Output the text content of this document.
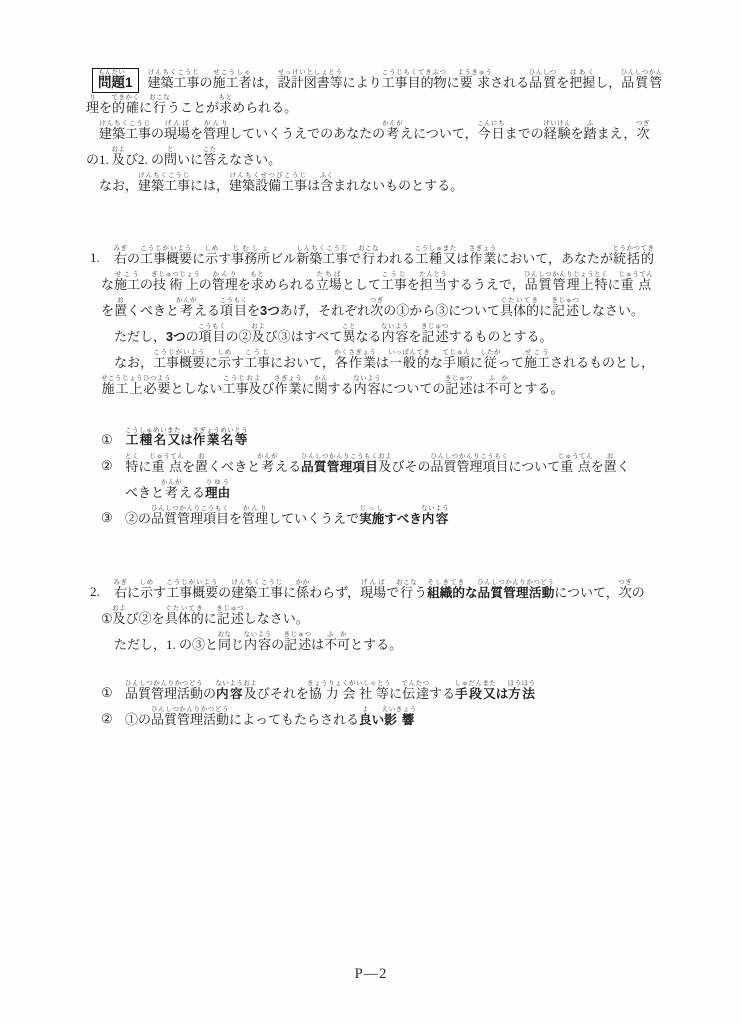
問題もんだい1 建築工事けんちくこうじの施工者せこうしゃは，設計図書等せっけいとしょとうにより工事目的物こうじもくてきぶつに要求ようきゅうされる品質ひんしつを把握はあくし，品質管ひんしつかん
理りを的確てきかくに行おこなうことが求もとめられる。
　建築工事けんちくこうじの現場げんばを管理かんりしていくうえでのあなたの考かんがえについて，今日こんにちまでの経験けいけんを踏ふまえ，次つぎ
の1. 及および2. の問といに答こたえなさい。
　なお，建築工事けんちくこうじには，建築設備工事けんちくせつびこうじは含ふくまれないものとする。
1.
　	右みぎの工事概要こうじがいように示しめす事務所じむしょビル新築工事しんちくこうじで行おこなわれる工種又こうしゅまたは作業さぎょうにおいて，あなたが統括的とうかつてき
な施工せこうの技術上ぎじゅつじょうの管理かんりを求もとめられる立場たちばとして工事こうじを担当たんとうするうえで，品質管理上特ひんしつかんりじょうとくに重点じゅうてん
を置おくべきと考かんがえる項目こうもくを3つあげ，それぞれ次つぎの①から③について具体的ぐたいてきに記述きじゅつしなさい。
　ただし，3つの項目こうもくの②及および③はすべて異ことなる内容ないようを記述きじゅつするものとする。
　なお，工事概要こうじがいように示しめす工事こうじにおいて，各作業かくさぎょうは一般的いっぱんてきな手順てじゅんに従したがって施工せこうされるものとし，
施工上必要せこうじょうひつようとしない工事及こうじおよび作業さぎょうに関かんする内容ないようについての記述きじゅつは不可ふかとする。
① 工種名又こうしゅめいまたは作業名等さぎょうめいとう
② 特とくに重点じゅうてんを置おくべきと考かんがえる品質管理項目ひんしつかんりこうもく及およびその品質管理項目ひんしつかんりこうもくについて重点じゅうてんを置おく
べきと考かんがえる理由りゆう
③ ②の品質管理項目ひんしつかんりこうもくを管理かんりしていくうえで実施じっしすべき内容ないよう
2.
　	右みぎに示しめす工事概要こうじがいようの建築工事けんちくこうじに係かかわらず，現場げんばで行おこなう組織的そしきてきな品質管理活動ひんしつかんりかつどうについて，次つぎの
①及および②を具体的ぐたいてきに記述きじゅつしなさい。
　ただし，1. の③と同おなじ内容ないようの記述きじゅつは不可ふかとする。
① 品質管理活動ひんしつかんりかつどうの内容ないよう及およびそれを協力会社等きょうりょくがいしゃとうに伝達でんたつする手段又しゅだんまたは方法ほうほう
② ①の品質管理活動ひんしつかんりかつどうによってもたらされる良よい影響えいきょう
P—2
